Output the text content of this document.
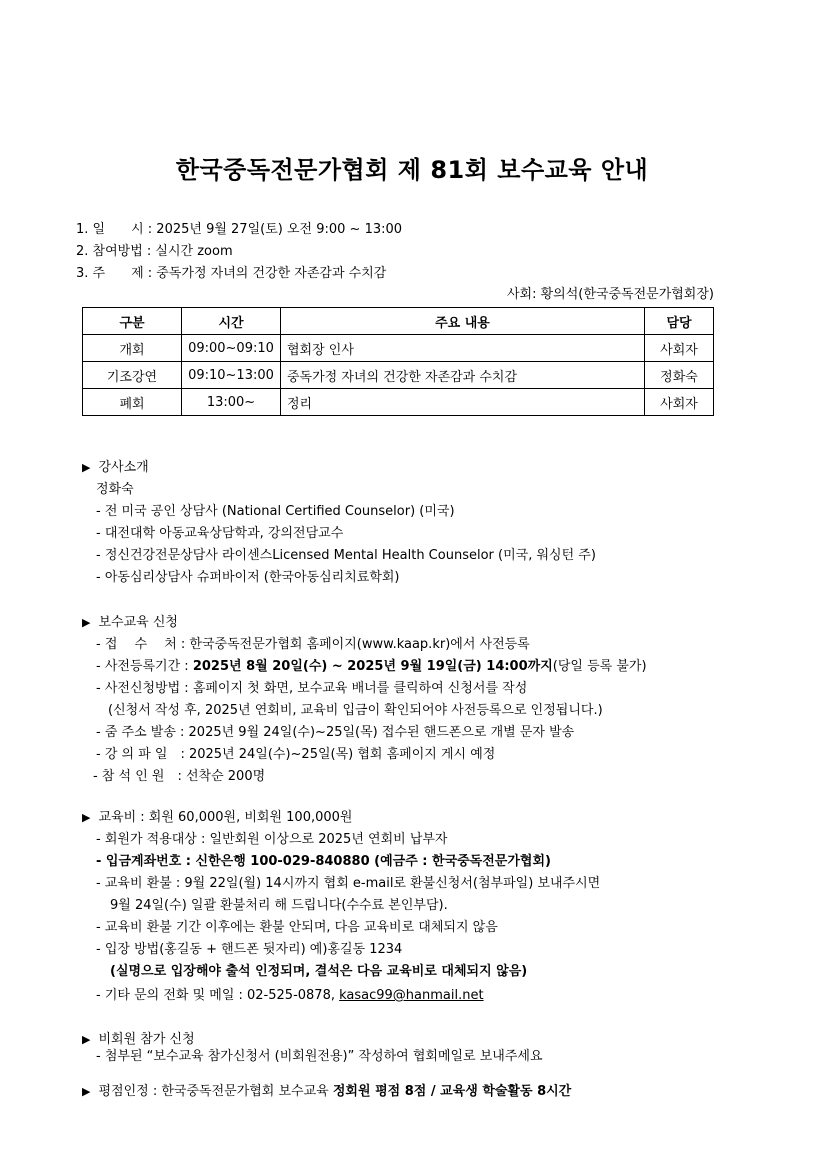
한국중독전문가협회 제 81회 보수교육 안내
1. 일　　시 : 2025년 9월 27일(토) 오전 9:00 ~ 13:00
2. 참여방법 : 실시간 zoom
3. 주　　제 : 중독가정 자녀의 건강한 자존감과 수치감
사회: 황의석(한국중독전문가협회장)
구분	시간	주요 내용	담당
개회	09:00~09:10	협회장 인사	사회자
기조강연	09:10~13:00	중독가정 자녀의 건강한 자존감과 수치감	정화숙
폐회	13:00~	정리	사회자
▶ 강사소개
정화숙
- 전 미국 공인 상담사 (National Certified Counselor) (미국)
- 대전대학 아동교육상담학과, 강의전담교수
- 정신건강전문상담사 라이센스Licensed Mental Health Counselor (미국, 워싱턴 주)
- 아동심리상담사 슈퍼바이저 (한국아동심리치료학회)
▶ 보수교육 신청
- 접　 수　 처 : 한국중독전문가협회 홈페이지(www.kaap.kr)에서 사전등록
- 사전등록기간 : 2025년 8월 20일(수) ~ 2025년 9월 19일(금) 14:00까지(당일 등록 불가)
- 사전신청방법 : 홈페이지 첫 화면, 보수교육 배너를 클릭하여 신청서를 작성
(신청서 작성 후, 2025년 연회비, 교육비 입금이 확인되어야 사전등록으로 인정됩니다.)
- 줌 주소 발송 : 2025년 9월 24일(수)~25일(목) 접수된 핸드폰으로 개별 문자 발송
- 강 의 파 일　: 2025년 24일(수)~25일(목) 협회 홈페이지 게시 예정
- 참 석 인 원　: 선착순 200명
▶ 교육비 : 회원 60,000원, 비회원 100,000원
- 회원가 적용대상 : 일반회원 이상으로 2025년 연회비 납부자
- 입금계좌번호 : 신한은행 100-029-840880 (예금주 : 한국중독전문가협회)
- 교육비 환불 : 9월 22일(월) 14시까지 협회 e-mail로 환불신청서(첨부파일) 보내주시면
9월 24일(수) 일괄 환불처리 해 드립니다(수수료 본인부담).
- 교육비 환불 기간 이후에는 환불 안되며, 다음 교육비로 대체되지 않음
- 입장 방법(홍길동 + 핸드폰 뒷자리) 예)홍길동 1234
(실명으로 입장해야 출석 인정되며, 결석은 다음 교육비로 대체되지 않음)
- 기타 문의 전화 및 메일 : 02-525-0878, kasac99@hanmail.net
▶ 비회원 참가 신청
- 첨부된 “보수교육 참가신청서 (비회원전용)” 작성하여 협회메일로 보내주세요
▶ 평점인정 : 한국중독전문가협회 보수교육 정회원 평점 8점 / 교육생 학술활동 8시간
